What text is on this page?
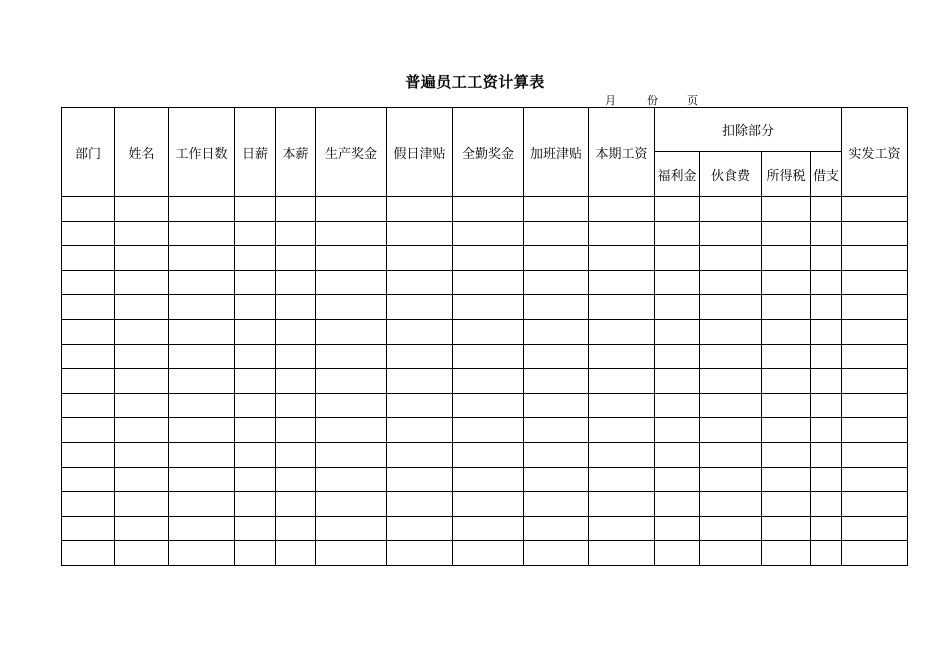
普遍员工工资计算表
月	份	页
部门	姓名	工作日数	日薪	本薪	生产奖金	假日津贴	全勤奖金	加班津贴	本期工资	扣除部分				实发工资
										福利金	伙食费	所得税	借支	
